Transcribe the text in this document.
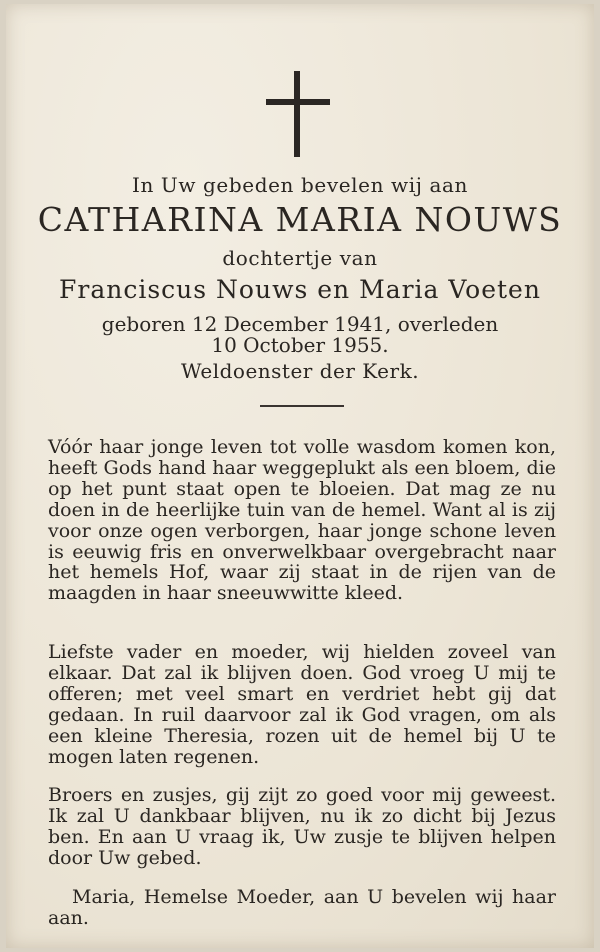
In Uw gebeden bevelen wij aan
CATHARINA MARIA NOUWS
dochtertje van
Franciscus Nouws en Maria Voeten
geboren 12 December 1941, overleden
10 October 1955.
Weldoenster der Kerk.

Vóór haar jonge leven tot volle wasdom komen kon, heeft Gods hand haar weggeplukt als een bloem, die op het punt staat open te bloeien. Dat mag ze nu doen in de heerlijke tuin van de hemel. Want al is zij voor onze ogen verborgen, haar jonge schone leven is eeuwig fris en onverwelkbaar overgebracht naar het hemels Hof, waar zij staat in de rijen van de maagden in haar sneeuwwitte kleed.

Liefste vader en moeder, wij hielden zoveel van elkaar. Dat zal ik blijven doen. God vroeg U mij te offeren; met veel smart en verdriet hebt gij dat gedaan. In ruil daarvoor zal ik God vragen, om als een kleine Theresia, rozen uit de hemel bij U te mogen laten regenen.

Broers en zusjes, gij zijt zo goed voor mij geweest. Ik zal U dankbaar blijven, nu ik zo dicht bij Jezus ben. En aan U vraag ik, Uw zusje te blijven helpen door Uw gebed.

Maria, Hemelse Moeder, aan U bevelen wij haar aan.
